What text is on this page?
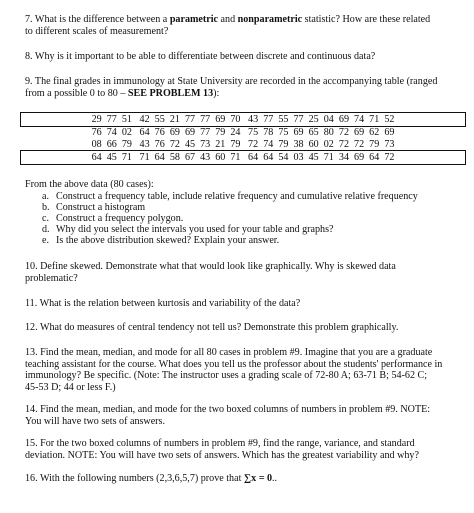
7. What is the difference between a parametric and nonparametric statistic? How are these related
to different scales of measurement?
8. Why is it important to be able to differentiate between discrete and continuous data?
9. The final grades in immunology at State University are recorded in the accompanying table (ranged
from a possible 0 to 80 – SEE PROBLEM 13):
29  77  51   42  55  21  77  77  69  70   43  77  55  77  25  04  69  74  71  52
76  74  02   64  76  69  69  77  79  24   75  78  75  69  65  80  72  69  62  69
08  66  79   43  76  72  45  73  21  79   72  74  79  38  60  02  72  72  79  73
64  45  71   71  64  58  67  43  60  71   64  64  54  03  45  71  34  69  64  72
From the above data (80 cases):
a. Construct a frequency table, include relative frequency and cumulative relative frequency
b. Construct a histogram
c. Construct a frequency polygon.
d. Why did you select the intervals you used for your table and graphs?
e. Is the above distribution skewed? Explain your answer.
10. Define skewed. Demonstrate what that would look like graphically. Why is skewed data
problematic?
11. What is the relation between kurtosis and variability of the data?
12. What do measures of central tendency not tell us? Demonstrate this problem graphically.
13. Find the mean, median, and mode for all 80 cases in problem #9. Imagine that you are a graduate
teaching assistant for the course. What does you tell us the professor about the students' performance in
immunology? Be specific. (Note: The instructor uses a grading scale of 72-80 A; 63-71 B; 54-62 C;
45-53 D; 44 or less F.)
14. Find the mean, median, and mode for the two boxed columns of numbers in problem #9. NOTE:
You will have two sets of answers.
15. For the two boxed columns of numbers in problem #9, find the range, variance, and standard
deviation. NOTE: You will have two sets of answers. Which has the greatest variability and why?
16. With the following numbers (2,3,6,5,7) prove that ∑x = 0..
